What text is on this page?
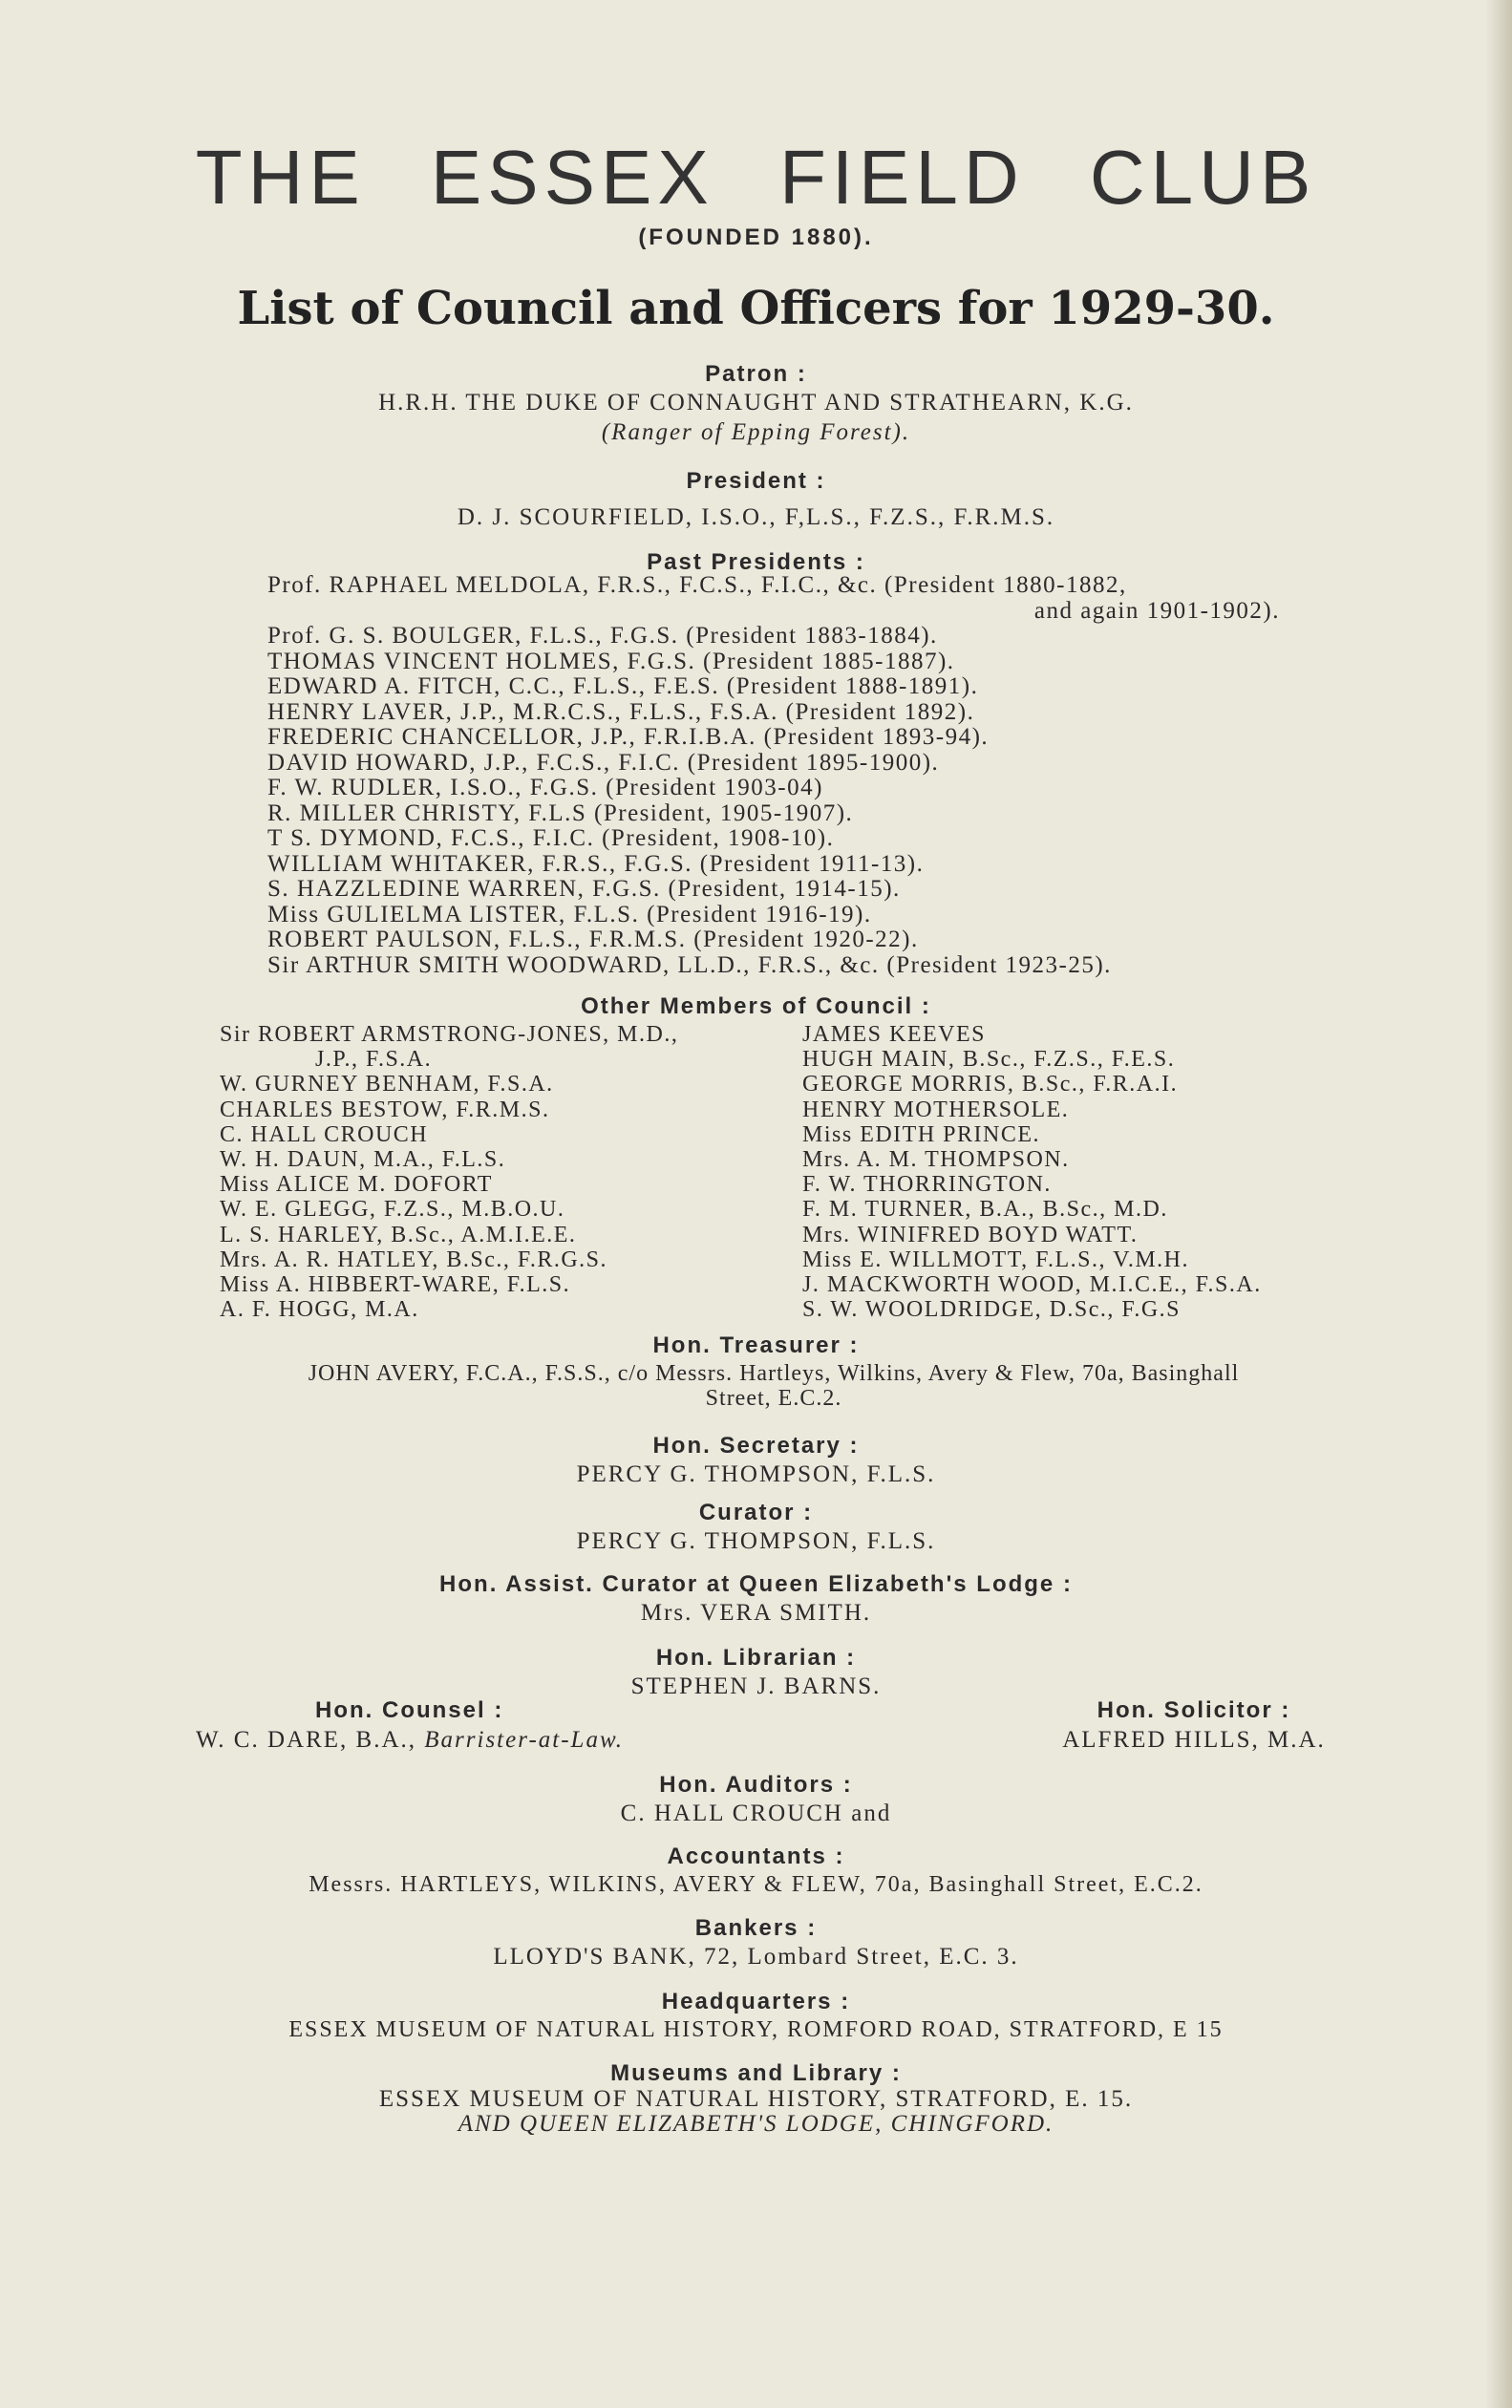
THE ESSEX FIELD CLUB
(FOUNDED 1880).
List of Council and Officers for 1929-30.
Patron :
H.R.H. THE DUKE OF CONNAUGHT AND STRATHEARN, K.G.
(Ranger of Epping Forest).
President :
D. J. SCOURFIELD, I.S.O., F,L.S., F.Z.S., F.R.M.S.
Past Presidents :
Prof. RAPHAEL MELDOLA, F.R.S., F.C.S., F.I.C., &c. (President 1880-1882,
and again 1901-1902).
Prof. G. S. BOULGER, F.L.S., F.G.S. (President 1883-1884).
THOMAS VINCENT HOLMES, F.G.S. (President 1885-1887).
EDWARD A. FITCH, C.C., F.L.S., F.E.S. (President 1888-1891).
HENRY LAVER, J.P., M.R.C.S., F.L.S., F.S.A. (President 1892).
FREDERIC CHANCELLOR, J.P., F.R.I.B.A. (President 1893-94).
DAVID HOWARD, J.P., F.C.S., F.I.C. (President 1895-1900).
F. W. RUDLER, I.S.O., F.G.S. (President 1903-04)
R. MILLER CHRISTY, F.L.S (President, 1905-1907).
T S. DYMOND, F.C.S., F.I.C. (President, 1908-10).
WILLIAM WHITAKER, F.R.S., F.G.S. (President 1911-13).
S. HAZZLEDINE WARREN, F.G.S. (President, 1914-15).
Miss GULIELMA LISTER, F.L.S. (President 1916-19).
ROBERT PAULSON, F.L.S., F.R.M.S. (President 1920-22).
Sir ARTHUR SMITH WOODWARD, LL.D., F.R.S., &c. (President 1923-25).
Other Members of Council :
Sir ROBERT ARMSTRONG-JONES, M.D.,
J.P., F.S.A.
W. GURNEY BENHAM, F.S.A.
CHARLES BESTOW, F.R.M.S.
C. HALL CROUCH
W. H. DAUN, M.A., F.L.S.
Miss ALICE M. DOFORT
W. E. GLEGG, F.Z.S., M.B.O.U.
L. S. HARLEY, B.Sc., A.M.I.E.E.
Mrs. A. R. HATLEY, B.Sc., F.R.G.S.
Miss A. HIBBERT-WARE, F.L.S.
A. F. HOGG, M.A.
JAMES KEEVES
HUGH MAIN, B.Sc., F.Z.S., F.E.S.
GEORGE MORRIS, B.Sc., F.R.A.I.
HENRY MOTHERSOLE.
Miss EDITH PRINCE.
Mrs. A. M. THOMPSON.
F. W. THORRINGTON.
F. M. TURNER, B.A., B.Sc., M.D.
Mrs. WINIFRED BOYD WATT.
Miss E. WILLMOTT, F.L.S., V.M.H.
J. MACKWORTH WOOD, M.I.C.E., F.S.A.
S. W. WOOLDRIDGE, D.Sc., F.G.S
Hon. Treasurer :
JOHN AVERY, F.C.A., F.S.S., c/o Messrs. Hartleys, Wilkins, Avery & Flew, 70a, Basinghall
Street, E.C.2.
Hon. Secretary :
PERCY G. THOMPSON, F.L.S.
Curator :
PERCY G. THOMPSON, F.L.S.
Hon. Assist. Curator at Queen Elizabeth's Lodge :
Mrs. VERA SMITH.
Hon. Librarian :
STEPHEN J. BARNS.
Hon. Counsel :
W. C. DARE, B.A., Barrister-at-Law.
Hon. Solicitor :
ALFRED HILLS, M.A.
Hon. Auditors :
C. HALL CROUCH and
Accountants :
Messrs. HARTLEYS, WILKINS, AVERY & FLEW, 70a, Basinghall Street, E.C.2.
Bankers :
LLOYD'S BANK, 72, Lombard Street, E.C. 3.
Headquarters :
ESSEX MUSEUM OF NATURAL HISTORY, ROMFORD ROAD, STRATFORD, E 15
Museums and Library :
ESSEX MUSEUM OF NATURAL HISTORY, STRATFORD, E. 15.
AND QUEEN ELIZABETH'S LODGE, CHINGFORD.
